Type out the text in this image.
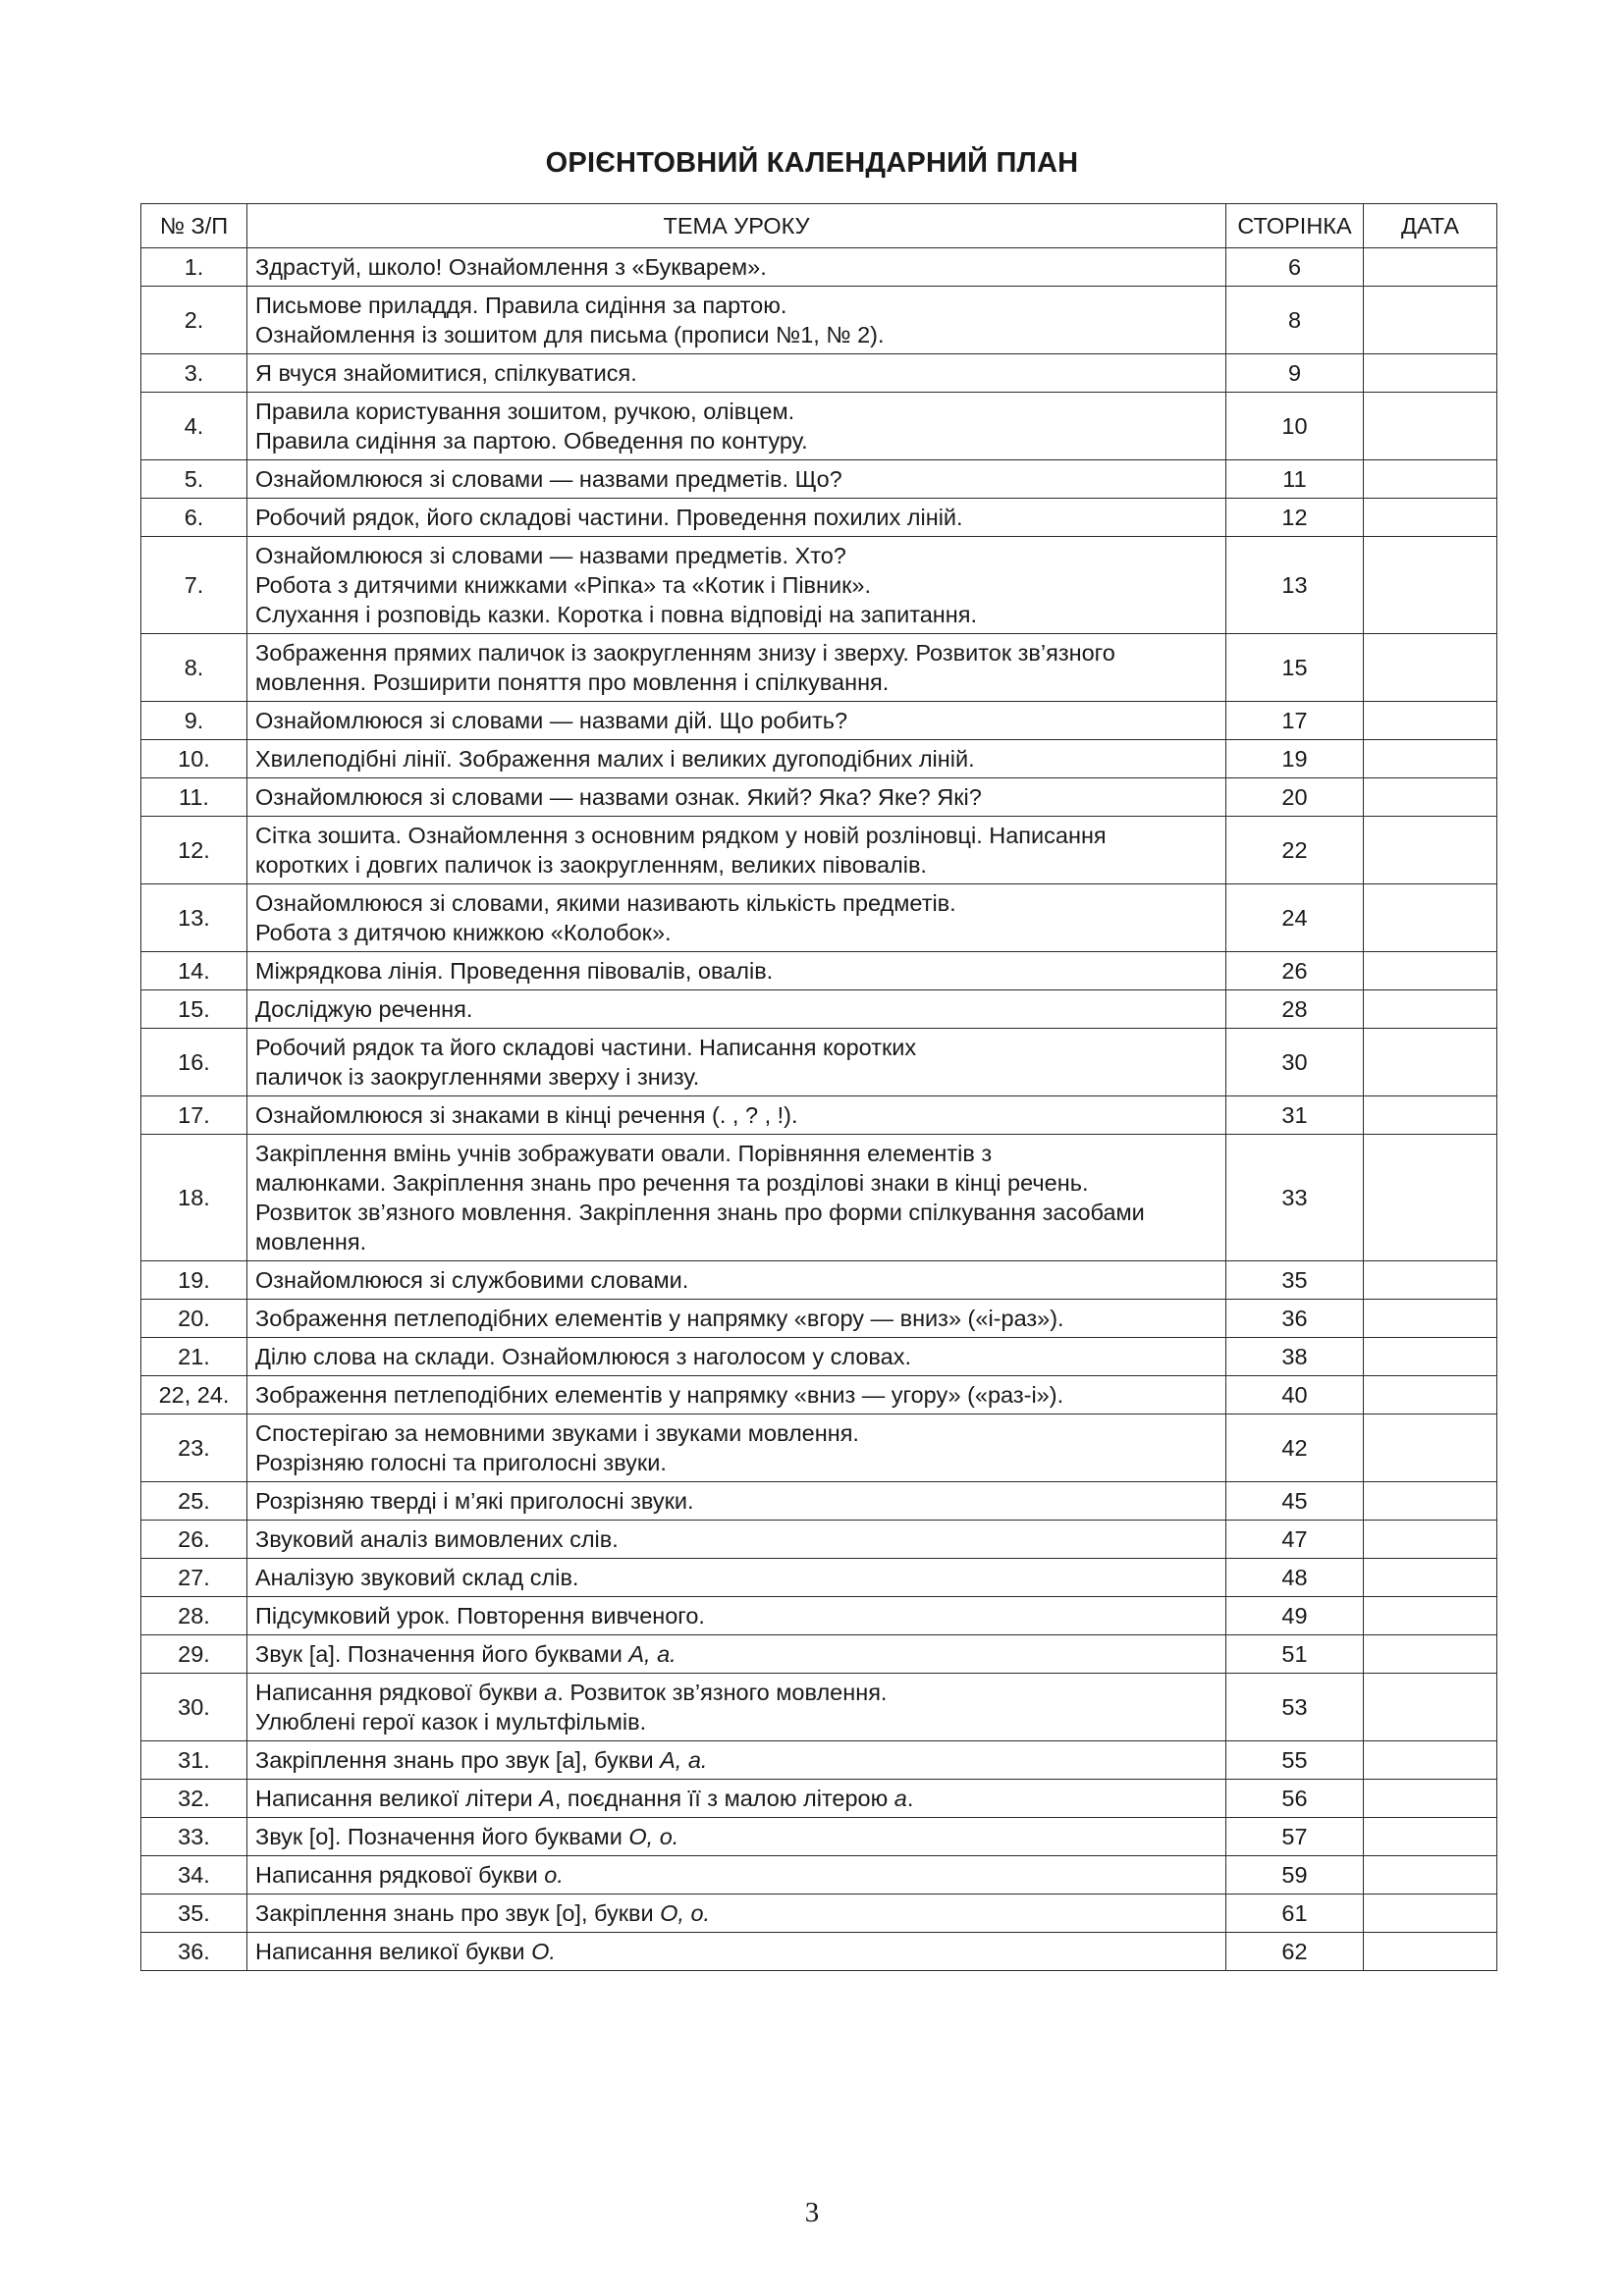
ОРІЄНТОВНИЙ КАЛЕНДАРНИЙ ПЛАН
№ З/П	ТЕМА УРОКУ	СТОРІНКА	ДАТА
1.	Здрастуй, школо! Ознайомлення з «Букварем».	6	
2.	Письмове приладдя. Правила сидіння за партою.
Ознайомлення із зошитом для письма (прописи №1, № 2).	8	
3.	Я вчуся знайомитися, спілкуватися.	9	
4.	Правила користування зошитом, ручкою, олівцем.
Правила сидіння за партою. Обведення по контуру.	10	
5.	Ознайомлююся зі словами — назвами предметів. Що?	11	
6.	Робочий рядок, його складові частини. Проведення похилих ліній.	12	
7.	Ознайомлююся зі словами — назвами предметів. Хто?
Робота з дитячими книжками «Ріпка» та «Котик і Півник».
Слухання і розповідь казки. Коротка і повна відповіді на запитання.	13	
8.	Зображення прямих паличок із заокругленням знизу і зверху. Розвиток зв’язного
мовлення. Розширити поняття про мовлення і спілкування.	15	
9.	Ознайомлююся зі словами — назвами дій. Що робить?	17	
10.	Хвилеподібні лінії. Зображення малих і великих дугоподібних ліній.	19	
11.	Ознайомлююся зі словами — назвами ознак. Який? Яка? Яке? Які?	20	
12.	Сітка зошита. Ознайомлення з основним рядком у новій розліновці. Написання
коротких і довгих паличок із заокругленням, великих півовалів.	22	
13.	Ознайомлююся зі словами, якими називають кількість предметів.
Робота з дитячою книжкою «Колобок».	24	
14.	Міжрядкова лінія. Проведення півовалів, овалів.	26	
15.	Досліджую речення.	28	
16.	Робочий рядок та його складові частини. Написання коротких
паличок із заокругленнями зверху і знизу.	30	
17.	Ознайомлююся зі знаками в кінці речення (. , ? , !).	31	
18.	Закріплення вмінь учнів зображувати овали. Порівняння елементів з
малюнками. Закріплення знань про речення та розділові знаки в кінці речень.
Розвиток зв’язного мовлення. Закріплення знань про форми спілкування засобами
мовлення.	33	
19.	Ознайомлююся зі службовими словами.	35	
20.	Зображення петлеподібних елементів у напрямку «вгору — вниз» («і-раз»).	36	
21.	Ділю слова на склади. Ознайомлююся з наголосом у словах.	38	
22, 24.	Зображення петлеподібних елементів у напрямку «вниз — угору» («раз-і»).	40	
23.	Спостерігаю за немовними звуками і звуками мовлення.
Розрізняю голосні та приголосні звуки.	42	
25.	Розрізняю тверді і м’які приголосні звуки.	45	
26.	Звуковий аналіз вимовлених слів.	47	
27.	Аналізую звуковий склад слів.	48	
28.	Підсумковий урок. Повторення вивченого.	49	
29.	Звук [а]. Позначення його буквами А, а.	51	
30.	Написання рядкової букви а. Розвиток зв’язного мовлення.
Улюблені герої казок і мультфільмів.	53	
31.	Закріплення знань про звук [а], букви А, а.	55	
32.	Написання великої літери А, поєднання її з малою літерою а.	56	
33.	Звук [о]. Позначення його буквами О, о.	57	
34.	Написання рядкової букви о.	59	
35.	Закріплення знань про звук [о], букви О, о.	61	
36.	Написання великої букви О.	62	
3
